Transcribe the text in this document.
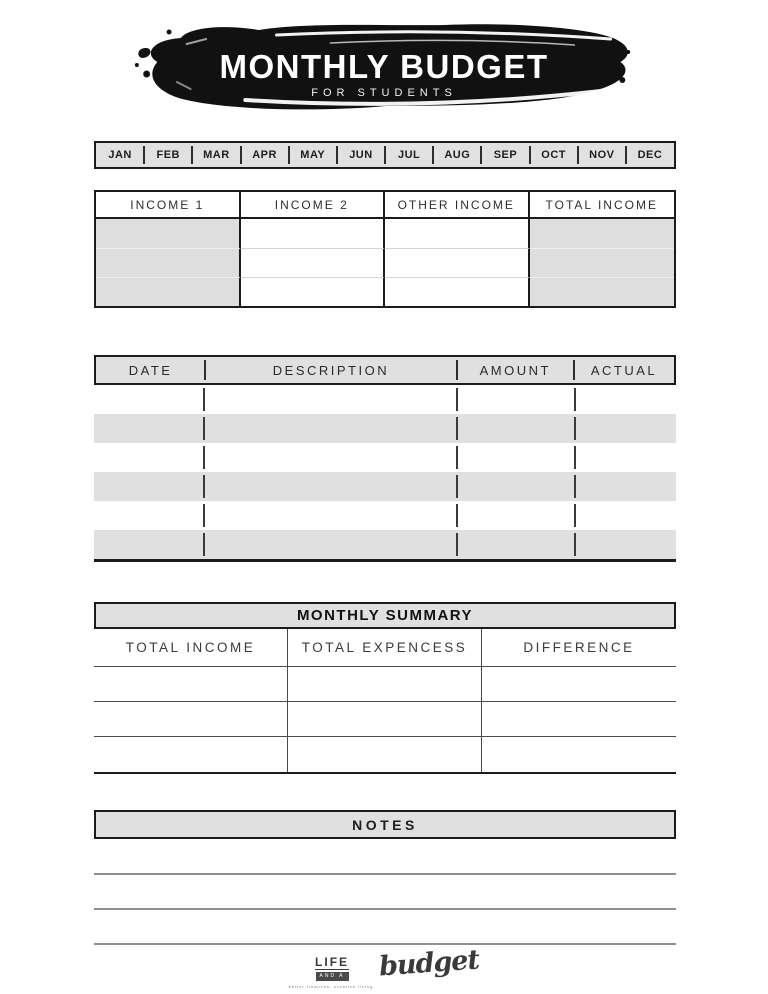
MONTHLY BUDGET
FOR STUDENTS
JAN	FEB	MAR	APR	MAY	JUN	JUL	AUG	SEP	OCT	NOV	DEC
INCOME 1	INCOME 2	OTHER INCOME	TOTAL INCOME
DATE	DESCRIPTION	AMOUNT	ACTUAL
MONTHLY SUMMARY
TOTAL INCOME	TOTAL EXPENCESS	DIFFERENCE
NOTES
LIFE
AND A
better finances. creative living.
budget
